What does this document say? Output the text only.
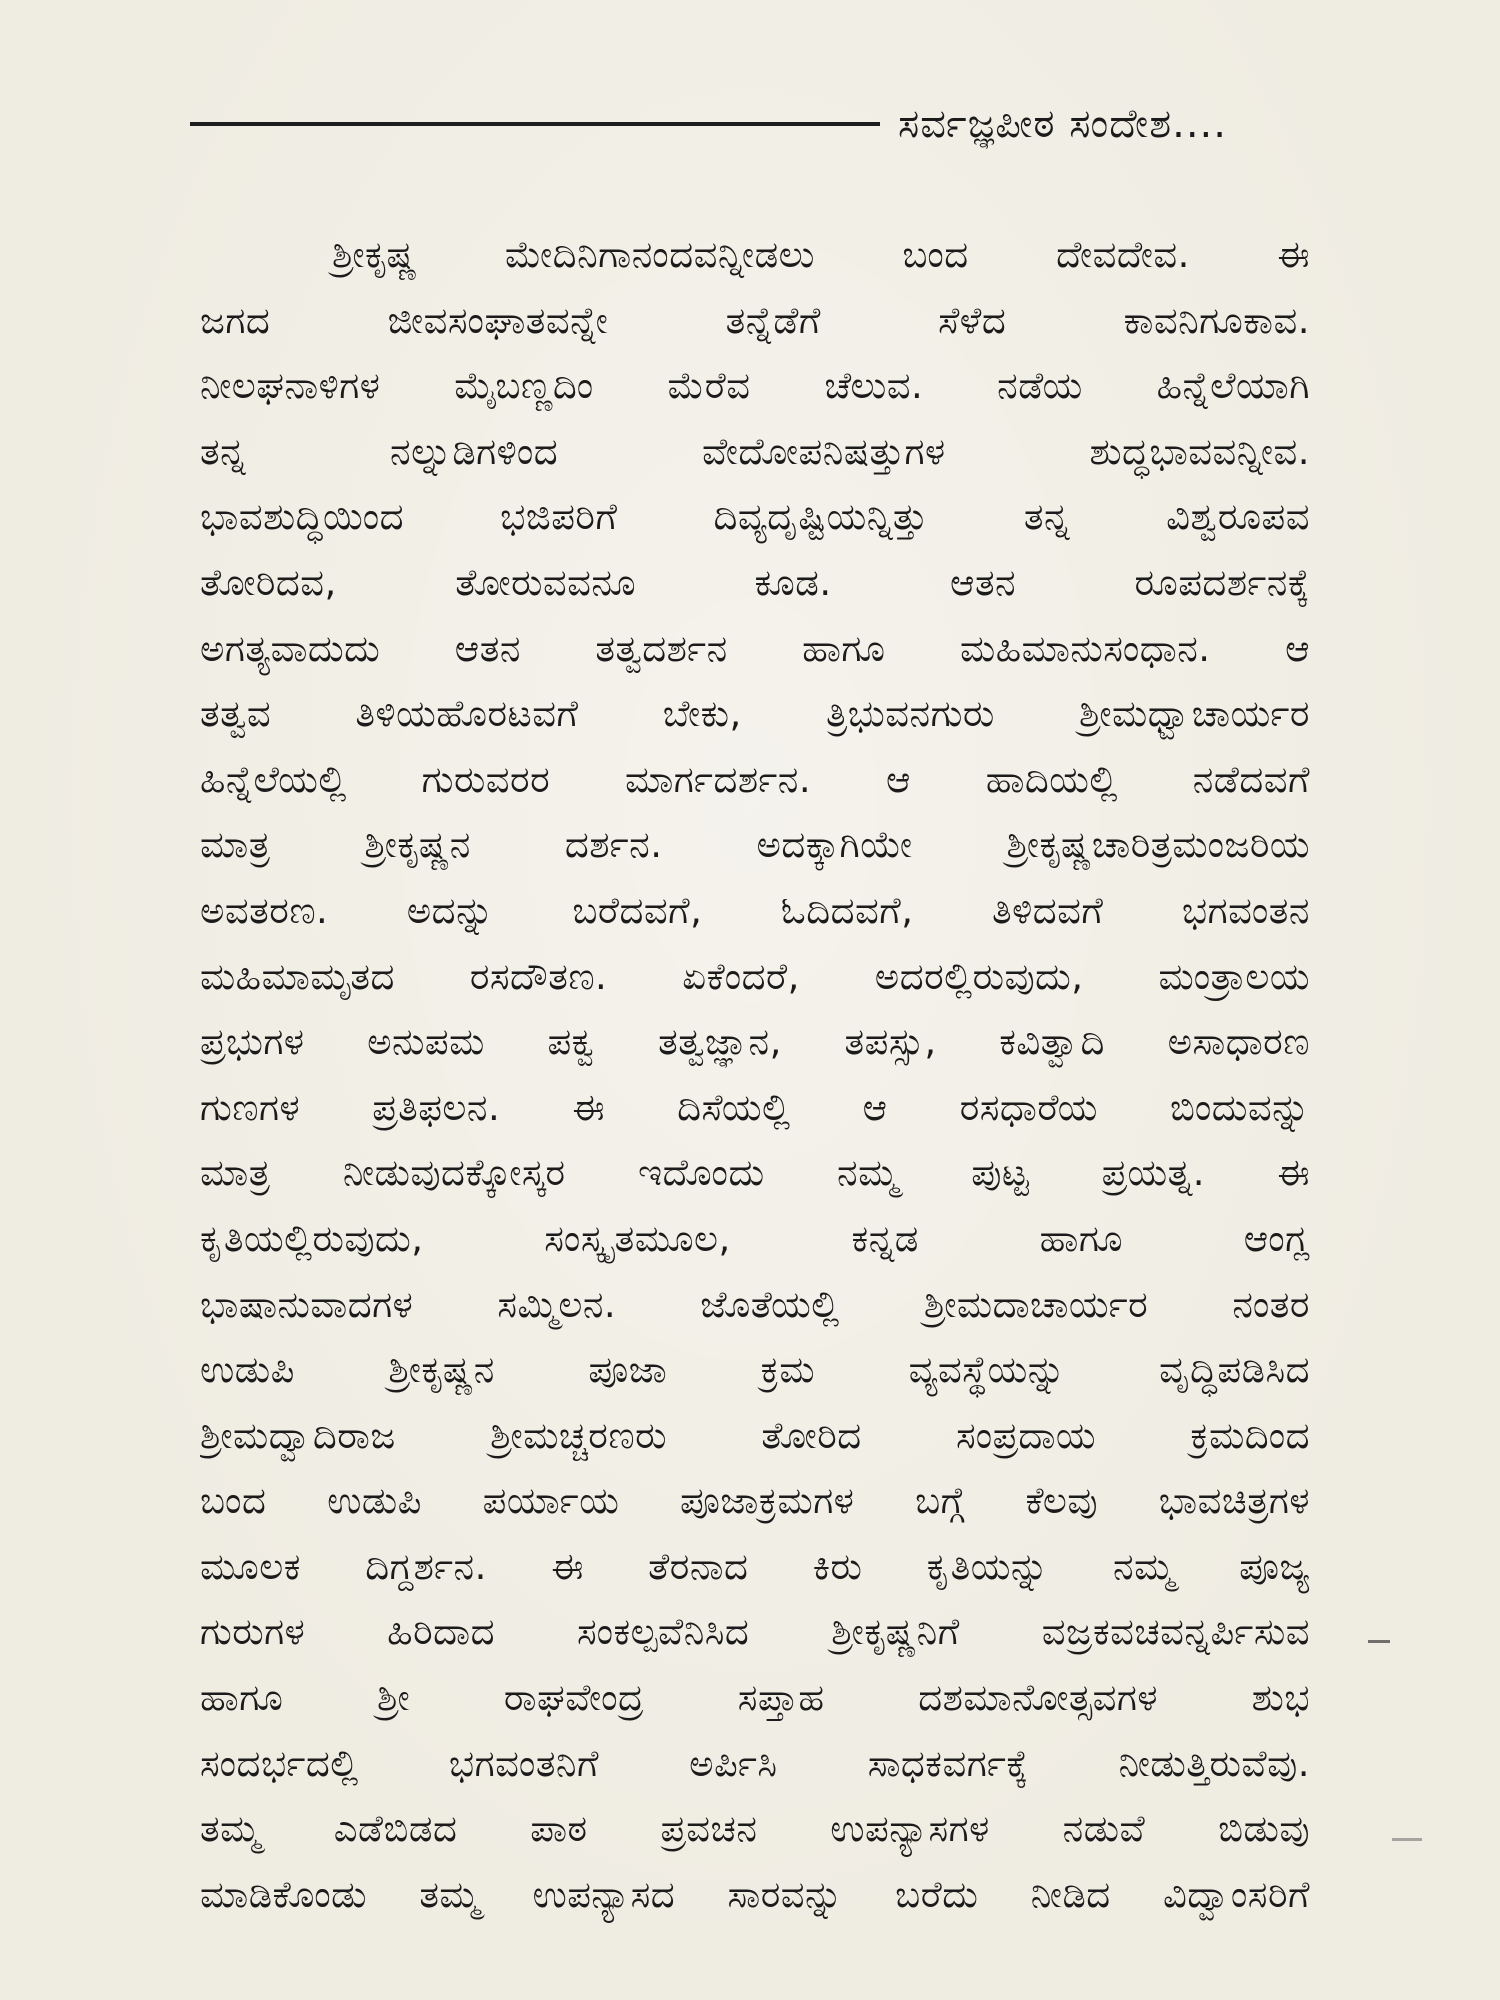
ಸರ್ವಜ್ಞಪೀಠ ಸಂದೇಶ....
ಶ್ರೀಕೃಷ್ಣ ಮೇದಿನಿಗಾನಂದವನ್ನೀಡಲು ಬಂದ ದೇವದೇವ. ಈ
ಜಗದ ಜೀವಸಂಘಾತವನ್ನೇ ತನ್ನೆಡೆಗೆ ಸೆಳೆದ ಕಾವನಿಗೂಕಾವ.
ನೀಲಘನಾಳಿಗಳ ಮೈಬಣ್ಣದಿಂ ಮೆರೆವ ಚೆಲುವ. ನಡೆಯ ಹಿನ್ನೆಲೆಯಾಗಿ
ತನ್ನ ನಲ್ನುಡಿಗಳಿಂದ ವೇದೋಪನಿಷತ್ತುಗಳ ಶುದ್ಧಭಾವವನ್ನೀವ.
ಭಾವಶುದ್ಧಿಯಿಂದ ಭಜಿಪರಿಗೆ ದಿವ್ಯದೃಷ್ಟಿಯನ್ನಿತ್ತು ತನ್ನ ವಿಶ್ವರೂಪವ
ತೋರಿದವ, ತೋರುವವನೂ ಕೂಡ. ಆತನ ರೂಪದರ್ಶನಕ್ಕೆ
ಅಗತ್ಯವಾದುದು ಆತನ ತತ್ವದರ್ಶನ ಹಾಗೂ ಮಹಿಮಾನುಸಂಧಾನ. ಆ
ತತ್ವವ ತಿಳಿಯಹೊರಟವಗೆ ಬೇಕು, ತ್ರಿಭುವನಗುರು ಶ್ರೀಮಧ್ವಾಚಾರ್ಯರ
ಹಿನ್ನೆಲೆಯಲ್ಲಿ ಗುರುವರರ ಮಾರ್ಗದರ್ಶನ. ಆ ಹಾದಿಯಲ್ಲಿ ನಡೆದವಗೆ
ಮಾತ್ರ ಶ್ರೀಕೃಷ್ಣನ ದರ್ಶನ. ಅದಕ್ಕಾಗಿಯೇ ಶ್ರೀಕೃಷ್ಣಚಾರಿತ್ರಮಂಜರಿಯ
ಅವತರಣ. ಅದನ್ನು ಬರೆದವಗೆ, ಓದಿದವಗೆ, ತಿಳಿದವಗೆ ಭಗವಂತನ
ಮಹಿಮಾಮೃತದ ರಸದೌತಣ. ಏಕೆಂದರೆ, ಅದರಲ್ಲಿರುವುದು, ಮಂತ್ರಾಲಯ
ಪ್ರಭುಗಳ ಅನುಪಮ ಪಕ್ವ ತತ್ವಜ್ಞಾನ, ತಪಸ್ಸು, ಕವಿತ್ವಾದಿ ಅಸಾಧಾರಣ
ಗುಣಗಳ ಪ್ರತಿಫಲನ. ಈ ದಿಸೆಯಲ್ಲಿ ಆ ರಸಧಾರೆಯ ಬಿಂದುವನ್ನು
ಮಾತ್ರ ನೀಡುವುದಕ್ಕೋಸ್ಕರ ಇದೊಂದು ನಮ್ಮ ಪುಟ್ಟ ಪ್ರಯತ್ನ. ಈ
ಕೃತಿಯಲ್ಲಿರುವುದು, ಸಂಸ್ಕೃತಮೂಲ, ಕನ್ನಡ ಹಾಗೂ ಆಂಗ್ಲ
ಭಾಷಾನುವಾದಗಳ ಸಮ್ಮಿಲನ. ಜೊತೆಯಲ್ಲಿ ಶ್ರೀಮದಾಚಾರ್ಯರ ನಂತರ
ಉಡುಪಿ ಶ್ರೀಕೃಷ್ಣನ ಪೂಜಾ ಕ್ರಮ ವ್ಯವಸ್ಥೆಯನ್ನು ವೃದ್ಧಿಪಡಿಸಿದ
ಶ್ರೀಮದ್ವಾದಿರಾಜ ಶ್ರೀಮಚ್ಚರಣರು ತೋರಿದ ಸಂಪ್ರದಾಯ ಕ್ರಮದಿಂದ
ಬಂದ ಉಡುಪಿ ಪರ್ಯಾಯ ಪೂಜಾಕ್ರಮಗಳ ಬಗ್ಗೆ ಕೆಲವು ಭಾವಚಿತ್ರಗಳ
ಮೂಲಕ ದಿಗ್ದರ್ಶನ. ಈ ತೆರನಾದ ಕಿರು ಕೃತಿಯನ್ನು ನಮ್ಮ ಪೂಜ್ಯ
ಗುರುಗಳ ಹಿರಿದಾದ ಸಂಕಲ್ಪವೆನಿಸಿದ ಶ್ರೀಕೃಷ್ಣನಿಗೆ ವಜ್ರಕವಚವನ್ನರ್ಪಿಸುವ
ಹಾಗೂ ಶ್ರೀ ರಾಘವೇಂದ್ರ ಸಪ್ತಾಹ ದಶಮಾನೋತ್ಸವಗಳ ಶುಭ
ಸಂದರ್ಭದಲ್ಲಿ ಭಗವಂತನಿಗೆ ಅರ್ಪಿಸಿ ಸಾಧಕವರ್ಗಕ್ಕೆ ನೀಡುತ್ತಿರುವೆವು.
ತಮ್ಮ ಎಡೆಬಿಡದ ಪಾಠ ಪ್ರವಚನ ಉಪನ್ಯಾಸಗಳ ನಡುವೆ ಬಿಡುವು
ಮಾಡಿಕೊಂಡು ತಮ್ಮ ಉಪನ್ಯಾಸದ ಸಾರವನ್ನು ಬರೆದು ನೀಡಿದ ವಿದ್ವಾಂಸರಿಗೆ
